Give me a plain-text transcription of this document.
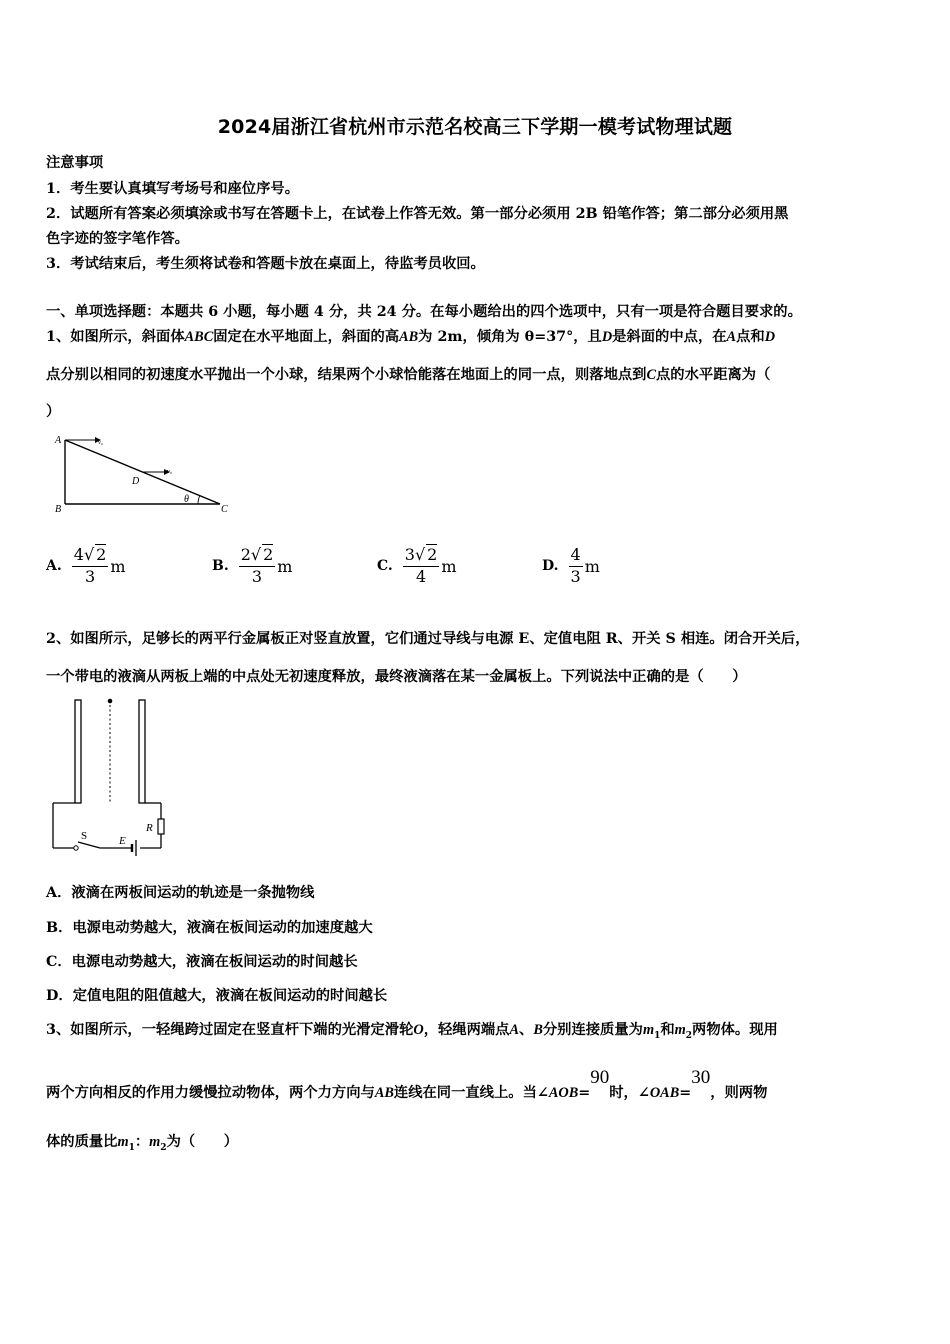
2024届浙江省杭州市示范名校高三下学期一模考试物理试题
注意事项
1．考生要认真填写考场号和座位序号。
2．试题所有答案必须填涂或书写在答题卡上，在试卷上作答无效。第一部分必须用 2B 铅笔作答；第二部分必须用黑
色字迹的签字笔作答。
3．考试结束后，考生须将试卷和答题卡放在桌面上，待监考员收回。
一、单项选择题：本题共 6 小题，每小题 4 分，共 24 分。在每小题给出的四个选项中，只有一项是符合题目要求的。
1、如图所示，斜面体ABC固定在水平地面上，斜面的高AB为 2m，倾角为 θ=37°，且D是斜面的中点，在A点和D
点分别以相同的初速度水平抛出一个小球，结果两个小球恰能落在地面上的同一点，则落地点到C点的水平距离为（
）
A
B	C
D
θ
v₀
v₀
A. $\frac{4√ 2}{3}$ m	B. $\frac{2√ 2}{3}$ m	C. $\frac{3√ 2}{4}$ m	D. $\frac{4}{3}$ m
2、如图所示，足够长的两平行金属板正对竖直放置，它们通过导线与电源 E、定值电阻 R、开关 S 相连。闭合开关后，
一个带电的液滴从两板上端的中点处无初速度释放，最终液滴落在某一金属板上。下列说法中正确的是（　　）
S	E
R
A．液滴在两板间运动的轨迹是一条抛物线
B．电源电动势越大，液滴在板间运动的加速度越大
C．电源电动势越大，液滴在板间运动的时间越长
D．定值电阻的阻值越大，液滴在板间运动的时间越长
3、如图所示，一轻绳跨过固定在竖直杆下端的光滑定滑轮O，轻绳两端点A、B分别连接质量为$m_1$和$m_2$两物体。现用
两个方向相反的作用力缓慢拉动物体，两个力方向与AB连线在同一直线上。当∠AOB=90时，∠OAB=30，则两物
体的质量比$m_1$：$m_2$为（　　）
